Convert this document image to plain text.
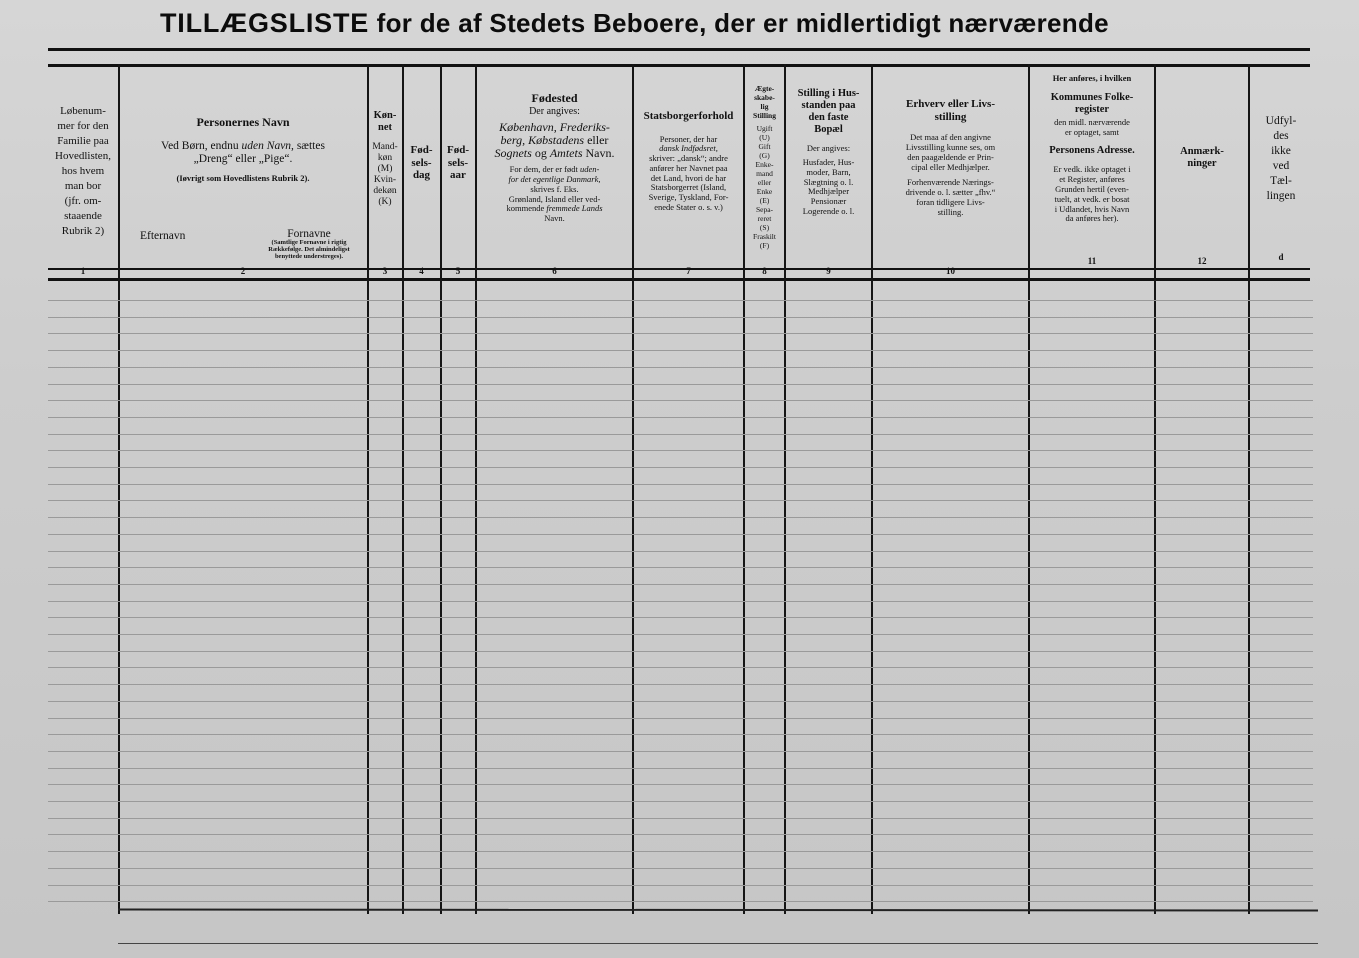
TILLÆGSLISTE for de af Stedets Beboere, der er midlertidigt nærværende
Løbenum-
mer for den
Familie paa
Hovedlisten,
hos hvem
man bor
(jfr. om-
staaende
Rubrik 2)
1
Personernes Navn
Ved Børn, endnu uden Navn, sættes
„Dreng“ eller „Pige“.
(Iøvrigt som Hovedlistens Rubrik 2).
Efternavn	Fornavne
(Samtlige Fornavne i rigtig
Rækkefølge. Det almindeligst
benyttede understreges).
2
Køn-
net
Mand-
køn
(M)
Kvin-
dekøn
(K)
3
Fød-
sels-
dag
4
Fød-
sels-
aar
5
Fødested
Der angives:
København, Frederiks-
berg, Købstadens eller
Sognets og Amtets Navn.
For dem, der er født uden-
for det egentlige Danmark,
skrives f. Eks.
Grønland, Island eller ved-
kommende fremmede Lands
Navn.
6
Statsborgerforhold
Personer, der har
dansk Indfødsret,
skriver: „dansk“; andre
anfører her Navnet paa
det Land, hvori de har
Statsborgerret (Island,
Sverige, Tyskland, For-
enede Stater o. s. v.)
7
Ægte-
skabe-
lig
Stilling
Ugift
(U)
Gift
(G)
Enke-
mand
eller
Enke
(E)
Sepa-
reret
(S)
Fraskilt
(F)
8
Stilling i Hus-
standen paa
den faste
Bopæl
Der angives:
Husfader, Hus-
moder, Barn,
Slægtning o. l.
Medhjælper
Pensionær
Logerende o. l.
9
Erhverv eller Livs-
stilling
Det maa af den angivne
Livsstilling kunne ses, om
den paagældende er Prin-
cipal eller Medhjælper.
Forhenværende Nærings-
drivende o. l. sætter „fhv.“
foran tidligere Livs-
stilling.
10
Her anføres, i hvilken
Kommunes Folke-
register
den midl. nærværende
er optaget, samt
Personens Adresse.
Er vedk. ikke optaget i
et Register, anføres
Grunden hertil (even-
tuelt, at vedk. er bosat
i Udlandet, hvis Navn
da anføres her).
11
Anmærk-
ninger
12
Udfyl-
des
ikke
ved
Tæl-
lingen
d
